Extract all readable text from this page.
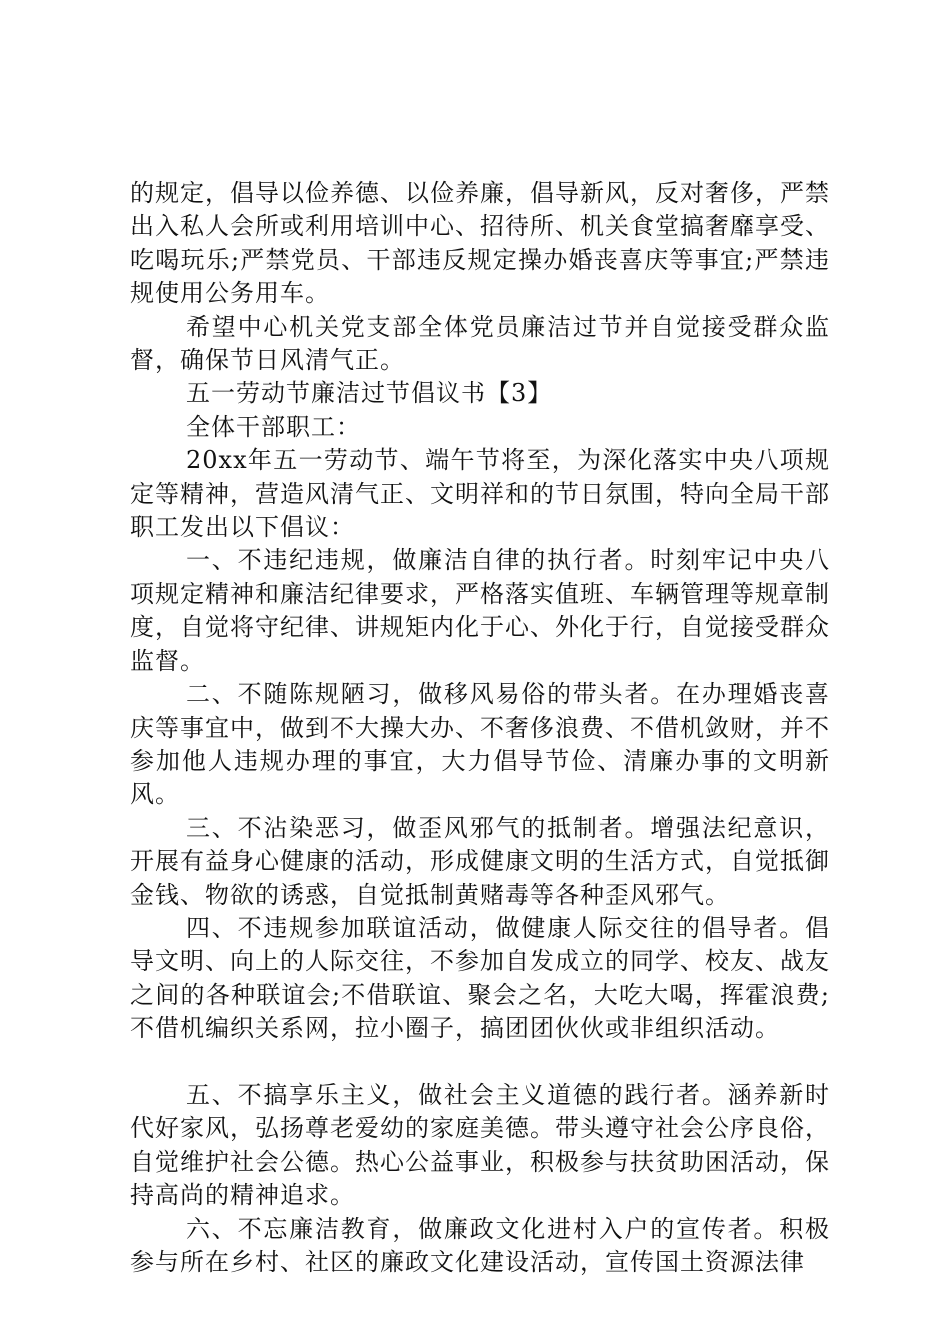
的规定，倡导以俭养德、以俭养廉，倡导新风，反对奢侈，严禁出入私人会所或利用培训中心、招待所、机关食堂搞奢靡享受、吃喝玩乐;严禁党员、干部违反规定操办婚丧喜庆等事宜;严禁违规使用公务用车。

希望中心机关党支部全体党员廉洁过节并自觉接受群众监督，确保节日风清气正。

五一劳动节廉洁过节倡议书【3】

全体干部职工：

20xx年五一劳动节、端午节将至，为深化落实中央八项规定等精神，营造风清气正、文明祥和的节日氛围，特向全局干部职工发出以下倡议：

一、不违纪违规，做廉洁自律的执行者。时刻牢记中央八项规定精神和廉洁纪律要求，严格落实值班、车辆管理等规章制度，自觉将守纪律、讲规矩内化于心、外化于行，自觉接受群众监督。

二、不随陈规陋习，做移风易俗的带头者。在办理婚丧喜庆等事宜中，做到不大操大办、不奢侈浪费、不借机敛财，并不参加他人违规办理的事宜，大力倡导节俭、清廉办事的文明新风。

三、不沾染恶习，做歪风邪气的抵制者。增强法纪意识，开展有益身心健康的活动，形成健康文明的生活方式，自觉抵御金钱、物欲的诱惑，自觉抵制黄赌毒等各种歪风邪气。

四、不违规参加联谊活动，做健康人际交往的倡导者。倡导文明、向上的人际交往，不参加自发成立的同学、校友、战友之间的各种联谊会;不借联谊、聚会之名，大吃大喝，挥霍浪费;不借机编织关系网，拉小圈子，搞团团伙伙或非组织活动。

五、不搞享乐主义，做社会主义道德的践行者。涵养新时代好家风，弘扬尊老爱幼的家庭美德。带头遵守社会公序良俗，自觉维护社会公德。热心公益事业，积极参与扶贫助困活动，保持高尚的精神追求。

六、不忘廉洁教育，做廉政文化进村入户的宣传者。积极参与所在乡村、社区的廉政文化建设活动，宣传国土资源法律
